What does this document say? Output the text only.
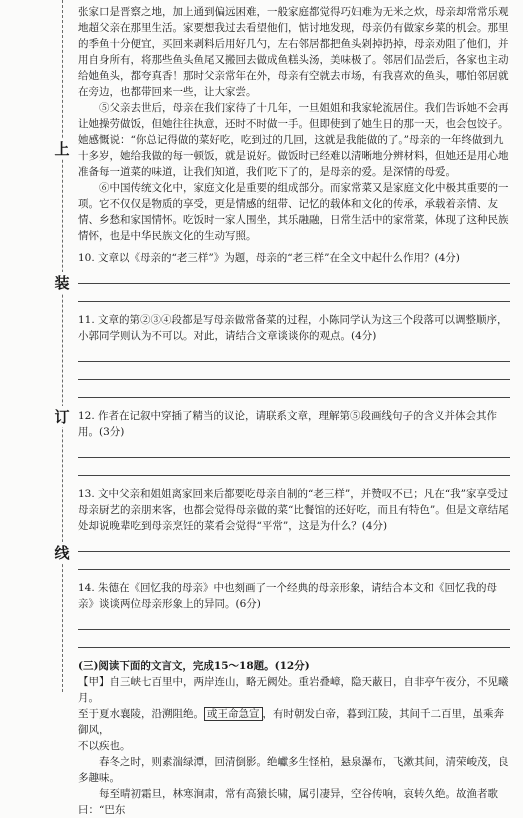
上
装
订
线

张家口是晋察之地，加上通到偏远困难，一般家庭都觉得巧妇难为无米之炊，母亲却常常乐观地超父亲在那里生活。家要想我过去看望他们，惦讨地发现，母亲仍有做家乡菜的机会。那里的季鱼十分便宜，买回来剥料后用好几勺，左右邻居都把鱼头剁掉扔掉，母亲劝阻了他们，并用自身所有，将那些鱼头鱼尾又搬回去做成鱼糕头汤，美味极了。邻居们品尝后，各家也主动给她鱼头，都夸真香！那时父亲常年在外，母亲有空就去市场，有我喜欢的鱼头，哪怕邻居就在旁边，也都带回来一些，让大家尝。

⑤父亲去世后，母亲在我们家待了十几年，一旦姐姐和我家轮流居住。我们告诉她不会再让她操劳做饭，但她往往执意，还时不时做一手。但即使到了她生日的那一天，也会包饺子。她感慨说：“你总记得做的菜好吃，吃到过的几回，这就是我能做的了。”母亲的一年终做到九十多岁，她给我做的每一顿饭，就是说好。做饭时已经难以清晰地分辨材料，但她还是用心地准备每一道菜的味道，让我们知道，我们吃下了的，是母亲的爱。是深情的母爱。

⑥中国传统文化中，家庭文化是重要的组成部分。而家常菜又是家庭文化中极其重要的一项。它不仅仅是物质的享受，更是情感的纽带、记忆的载体和文化的传承，承载着亲情、友情、乡愁和家国情怀。吃饭时一家人围坐，其乐融融，日常生活中的家常菜，体现了这种民族情怀，也是中华民族文化的生动写照。

10. 文章以《母亲的“老三样”》为题，母亲的“老三样”在全文中起什么作用？(4分)

11. 文章的第②③④段都是写母亲做常备菜的过程，小陈同学认为这三个段落可以调整顺序，小郭同学则认为不可以。对此，请结合文章谈谈你的观点。(4分)

12. 作者在记叙中穿插了精当的议论，请联系文章，理解第⑤段画线句子的含义并体会其作用。(3分)

13. 文中父亲和姐姐离家回来后都要吃母亲自制的“老三样”，并赞叹不已；凡在“我”家享受过母亲厨艺的亲朋来客，也都会觉得母亲做的菜“比餐馆的还好吃，而且有特色”。但是文章结尾处却说晚辈吃到母亲烹饪的菜肴会觉得“平常”，这是为什么？(4分)

14. 朱德在《回忆我的母亲》中也刻画了一个经典的母亲形象，请结合本文和《回忆我的母亲》谈谈两位母亲形象上的异同。(6分)

(三)阅读下面的文言文，完成15～18题。(12分)

【甲】自三峡七百里中，两岸连山，略无阙处。重岩叠嶂，隐天蔽日，自非亭午夜分，不见曦月。

至于夏水襄陵，沿溯阻绝。 或王命急宣 ，有时朝发白帝，暮到江陵，其间千二百里，虽乘奔御风，

不以疾也。

春冬之时，则素湍绿潭，回清倒影。绝巘多生怪柏，悬泉瀑布，飞漱其间，清荣峻茂，良多趣味。

每至晴初霜旦，林寒涧肃，常有高猿长啸，属引凄异，空谷传响，哀转久绝。故渔者歌曰：“巴东
